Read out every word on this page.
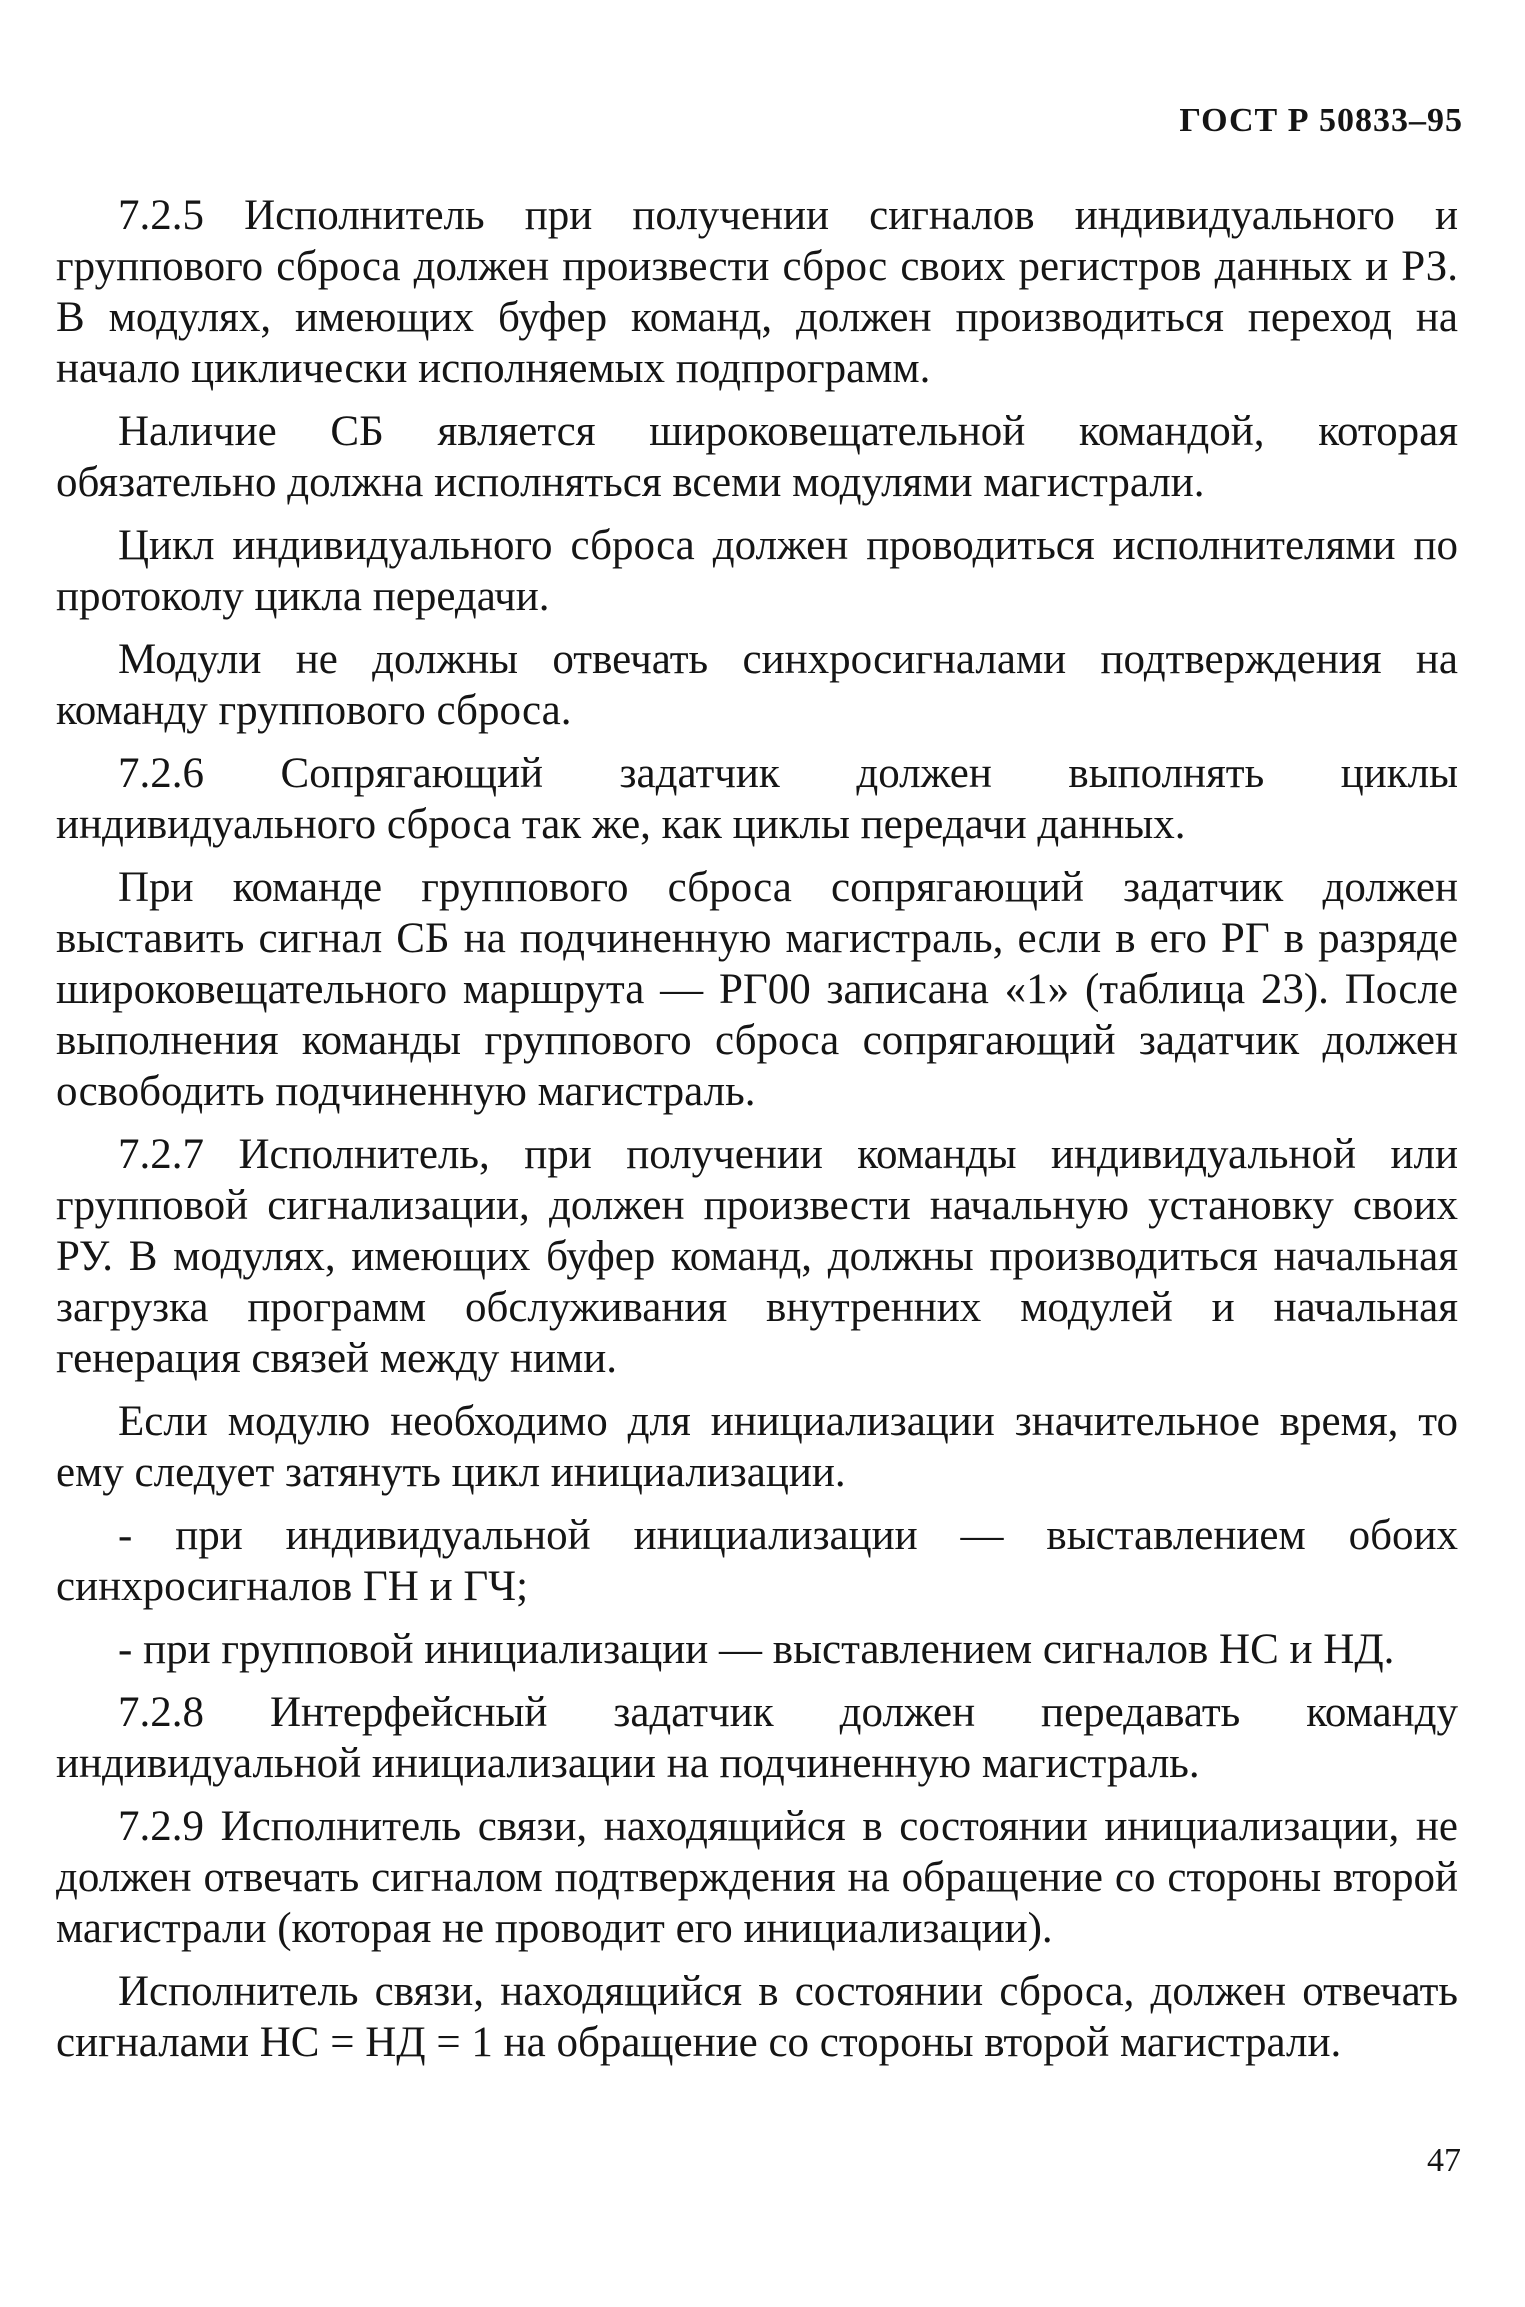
ГОСТ Р 50833–95

7.2.5 Исполнитель при получении сигналов индивидуального и группового сброса должен произвести сброс своих регистров данных и РЗ. В модулях, имеющих буфер команд, должен производиться переход на начало циклически исполняемых подпрограмм.

Наличие СБ является широковещательной командой, которая обязательно должна исполняться всеми модулями магистрали.

Цикл индивидуального сброса должен проводиться исполнителями по протоколу цикла передачи.

Модули не должны отвечать синхросигналами подтверждения на команду группового сброса.

7.2.6 Сопрягающий задатчик должен выполнять циклы индивидуального сброса так же, как циклы передачи данных.

При команде группового сброса сопрягающий задатчик должен выставить сигнал СБ на подчиненную магистраль, если в его РГ в разряде широковещательного маршрута — РГ00 записана «1» (таблица 23). После выполнения команды группового сброса сопрягающий задатчик должен освободить подчиненную магистраль.

7.2.7 Исполнитель, при получении команды индивидуальной или групповой сигнализации, должен произвести начальную установку своих РУ. В модулях, имеющих буфер команд, должны производиться начальная загрузка программ обслуживания внутренних модулей и начальная генерация связей между ними.

Если модулю необходимо для инициализации значительное время, то ему следует затянуть цикл инициализации.

- при индивидуальной инициализации — выставлением обоих синхросигналов ГН и ГЧ;

- при групповой инициализации — выставлением сигналов НС и НД.

7.2.8 Интерфейсный задатчик должен передавать команду индивидуальной инициализации на подчиненную магистраль.

7.2.9 Исполнитель связи, находящийся в состоянии инициализации, не должен отвечать сигналом подтверждения на обращение со стороны второй магистрали (которая не проводит его инициализации).

Исполнитель связи, находящийся в состоянии сброса, должен отвечать сигналами НС = НД = 1 на обращение со стороны второй магистрали.

47
